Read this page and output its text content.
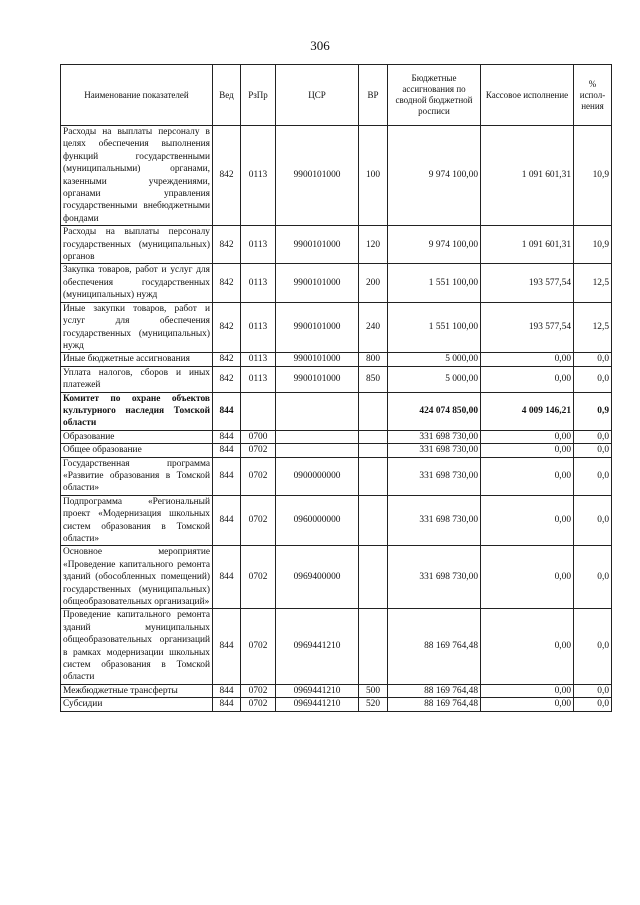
306
Наименование показателей	Вед	РзПр	ЦСР	ВР	Бюджетные ассигнования по сводной бюджетной росписи	Кассовое исполнение	% испол-нения
Расходы на выплаты персоналу в целях обеспечения выполнения функций государственными (муниципальными) органами, казенными учреждениями, органами управления государственными внебюджетными фондами	842	0113	9900101000	100	9 974 100,00	1 091 601,31	10,9
Расходы на выплаты персоналу государственных (муниципальных) органов	842	0113	9900101000	120	9 974 100,00	1 091 601,31	10,9
Закупка товаров, работ и услуг для обеспечения государственных (муниципальных) нужд	842	0113	9900101000	200	1 551 100,00	193 577,54	12,5
Иные закупки товаров, работ и услуг для обеспечения государственных (муниципальных) нужд	842	0113	9900101000	240	1 551 100,00	193 577,54	12,5
Иные бюджетные ассигнования	842	0113	9900101000	800	5 000,00	0,00	0,0
Уплата налогов, сборов и иных платежей	842	0113	9900101000	850	5 000,00	0,00	0,0
Комитет по охране объектов культурного наследия Томской области	844				424 074 850,00	4 009 146,21	0,9
Образование	844	0700			331 698 730,00	0,00	0,0
Общее образование	844	0702			331 698 730,00	0,00	0,0
Государственная программа «Развитие образования в Томской области»	844	0702	0900000000		331 698 730,00	0,00	0,0
Подпрограмма «Региональный проект «Модернизация школьных систем образования в Томской области»	844	0702	0960000000		331 698 730,00	0,00	0,0
Основное мероприятие «Проведение капитального ремонта зданий (обособленных помещений) государственных (муниципальных) общеобразовательных организаций»	844	0702	0969400000		331 698 730,00	0,00	0,0
Проведение капитального ремонта зданий муниципальных общеобразовательных организаций в рамках модернизации школьных систем образования в Томской области	844	0702	0969441210		88 169 764,48	0,00	0,0
Межбюджетные трансферты	844	0702	0969441210	500	88 169 764,48	0,00	0,0
Субсидии	844	0702	0969441210	520	88 169 764,48	0,00	0,0
